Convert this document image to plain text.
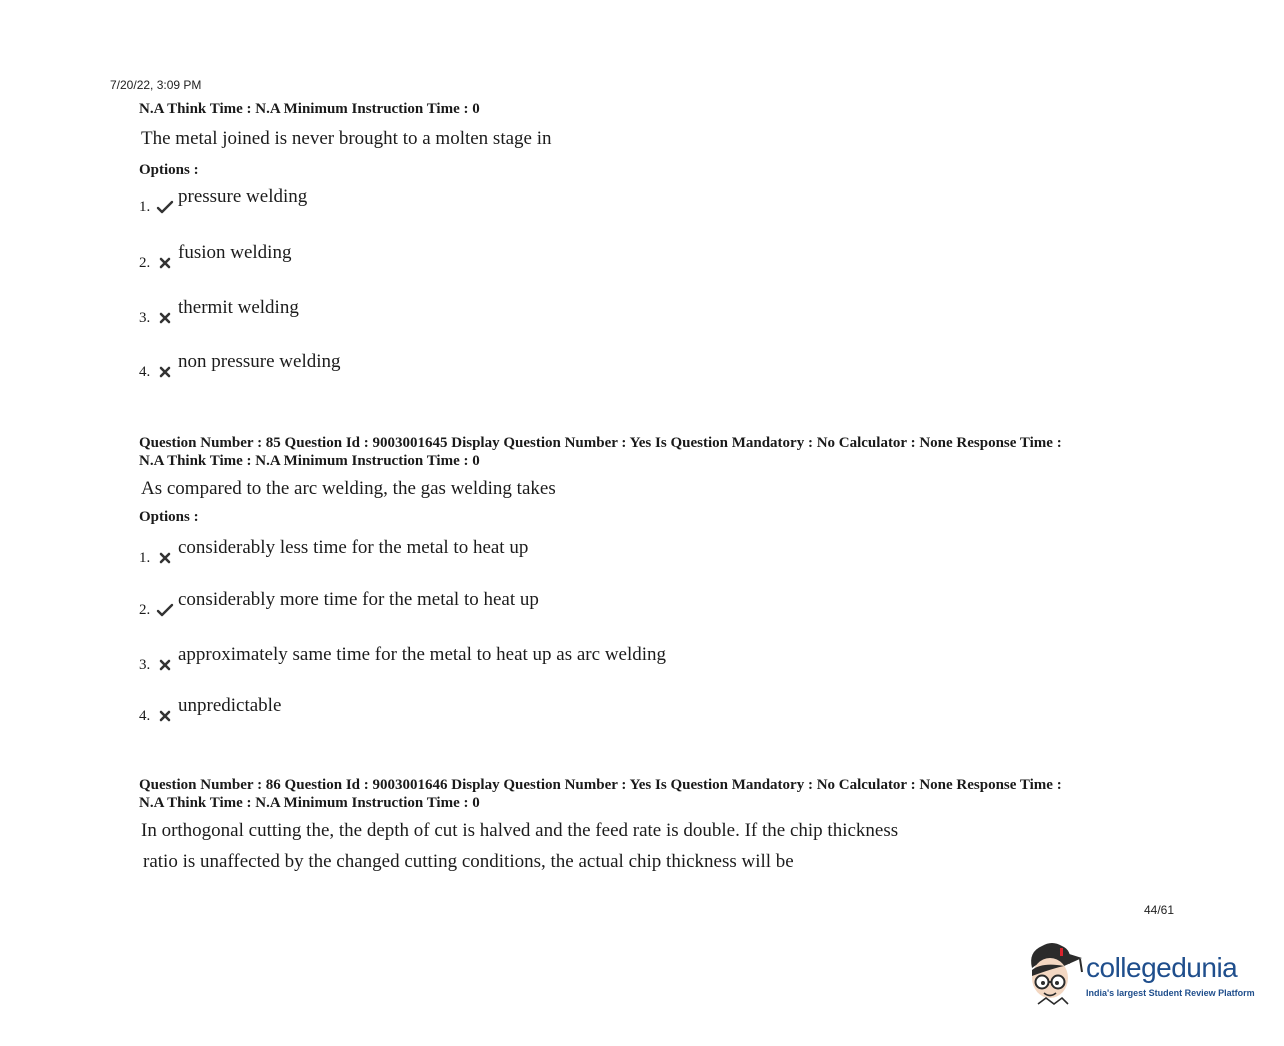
7/20/22, 3:09 PM
N.A Think Time : N.A Minimum Instruction Time : 0
The metal joined is never brought to a molten stage in
Options :
1. pressure welding
2. fusion welding
3. thermit welding
4. non pressure welding
Question Number : 85 Question Id : 9003001645 Display Question Number : Yes Is Question Mandatory : No Calculator : None Response Time :
N.A Think Time : N.A Minimum Instruction Time : 0
As compared to the arc welding, the gas welding takes
Options :
1. considerably less time for the metal to heat up
2. considerably more time for the metal to heat up
3. approximately same time for the metal to heat up as arc welding
4. unpredictable
Question Number : 86 Question Id : 9003001646 Display Question Number : Yes Is Question Mandatory : No Calculator : None Response Time :
N.A Think Time : N.A Minimum Instruction Time : 0
In orthogonal cutting the, the depth of cut is halved and the feed rate is double. If the chip thickness
ratio is unaffected by the changed cutting conditions, the actual chip thickness will be
44/61
collegedunia
India's largest Student Review Platform
